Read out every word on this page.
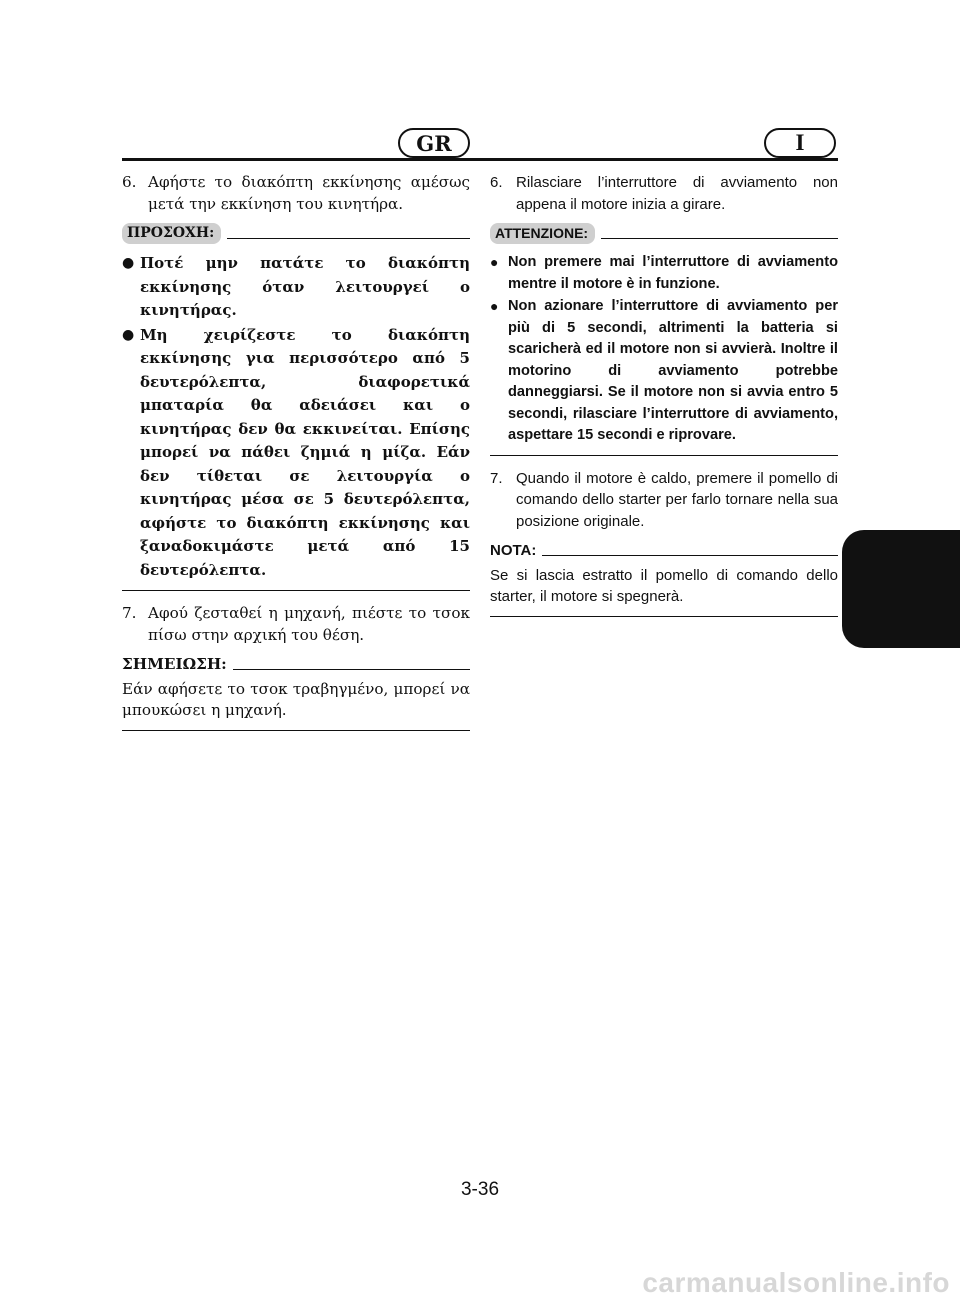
GR	I
6. Αφήστε το διακόπτη εκκίνησης αμέσως μετά την εκκίνηση του κινητήρα.
ΠΡΟΣΟΧΗ:
● Ποτέ μην πατάτε το διακόπτη εκκίνησης όταν λειτουργεί ο κινητήρας.
● Μη χειρίζεστε το διακόπτη εκκίνησης για περισσότερο από 5 δευτερόλεπτα, διαφορετικά μπαταρία θα αδειάσει και ο κινητήρας δεν θα εκκινείται. Επίσης μπορεί να πάθει ζημιά η μίζα. Εάν δεν τίθεται σε λειτουργία ο κινητήρας μέσα σε 5 δευτερόλεπτα, αφήστε το διακόπτη εκκίνησης και ξαναδοκιμάστε μετά από 15 δευτερόλεπτα.
7. Αφού ζεσταθεί η μηχανή, πιέστε το τσοκ πίσω στην αρχική του θέση.
ΣΗΜΕΙΩΣΗ:
Εάν αφήσετε το τσοκ τραβηγμένο, μπορεί να μπουκώσει η μηχανή.
6. Rilasciare l’interruttore di avviamento non appena il motore inizia a girare.
ATTENZIONE:
● Non premere mai l’interruttore di avviamento mentre il motore è in funzione.
● Non azionare l’interruttore di avviamento per più di 5 secondi, altrimenti la batteria si scaricherà ed il motore non si avvierà. Inoltre il motorino di avviamento potrebbe danneggiarsi. Se il motore non si avvia entro 5 secondi, rilasciare l’interruttore di avviamento, aspettare 15 secondi e riprovare.
7. Quando il motore è caldo, premere il pomello di comando dello starter per farlo tornare nella sua posizione originale.
NOTA:
Se si lascia estratto il pomello di comando dello starter, il motore si spegnerà.
3-36
carmanualsonline.info
